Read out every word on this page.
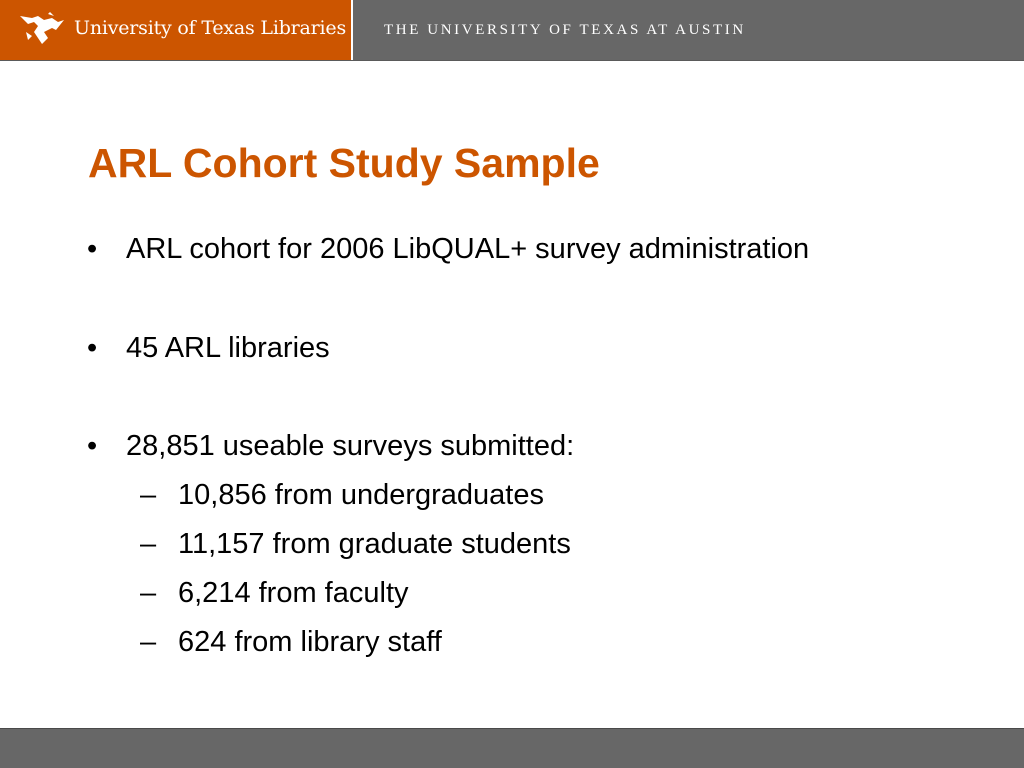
University of Texas Libraries	THE UNIVERSITY OF TEXAS AT AUSTIN
ARL Cohort Study Sample
• ARL cohort for 2006 LibQUAL+ survey administration
• 45 ARL libraries
• 28,851 useable surveys submitted:
– 10,856 from undergraduates
– 11,157 from graduate students
– 6,214 from faculty
– 624 from library staff
